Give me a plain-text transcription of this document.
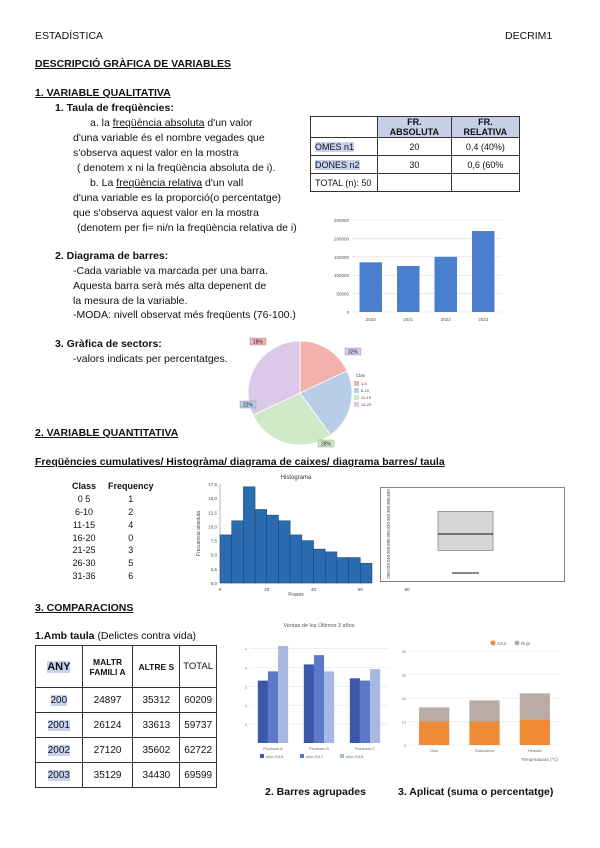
ESTADÍSTICA	DECRIM1
DESCRIPCIÓ GRÀFICA DE VARIABLES
1. VARIABLE QUALITATIVA
1. Taula de freqüències:
a. la freqüència absoluta d'un valor
d'una variable és el nombre vegades que
s'observa aquest valor en la mostra
( denotem x ni la freqüència absoluta de i).
b. La freqüència relativa d'un vall
d'una variable es la proporció(o percentatge)
que s'observa aquest valor en la mostra
(denotem per fi= ni/n la freqüència relativa de i)
	FR. ABSOLUTA	FR. RELATIVA
OMES n1	20	0,4 (40%)
DONES n2	30	0,6 (60%
TOTAL (n): 50		
250000
200000
150000
100000
50000
0
2020	2021	2022	2023
2. Diagrama de barres:
-Cada variable va marcada per una barra.
Aquesta barra serà més alta depenent de
la mesura de la variable.
-MODA: nivell observat més freqüents (76-100.)
3. Gràfica de sectors:
-valors indicats per percentatges.
18%
22%
28%
32%
Clas
1-5
6-10
11-15
16-20
2. VARIABLE QUANTITATIVA
Freqüències cumulatives/ Histogràma/ diagrama de caixes/ diagrama barres/ taula
Class	Frequency
0 5	1
6-10	2
11-15	4
16-20	0
21-25	3
26-30	5
31-36	6
Histograma
17,5
15,0
12,5
10,0
7,5
5,0
2,5
0,0
0	20	40	60	80
Frases
Frecuencia absoluta
400
380
360
340
320
300
280
260
240
220
200
3. COMPARACIONS
1.Amb taula (Delictes contra vida)
ANY	MALTR FAMILI A	ALTRE S	TOTAL
200	24897	35312	60209
2001	26124	33613	59737
2002	27120	35602	62722
2003	35129	34430	69599
Ventas de los Últimos 3 años
4
3
2
1
0
Producto A	Producto B	Producto C
Año 2016	Año 2017	Año 2018
Azul	Rojo
40
30
20
10
0
Oslo	Estocolmo	Helsinki
Temperaturas (°C)
2. Barres agrupades	3. Aplicat (suma o percentatge)
